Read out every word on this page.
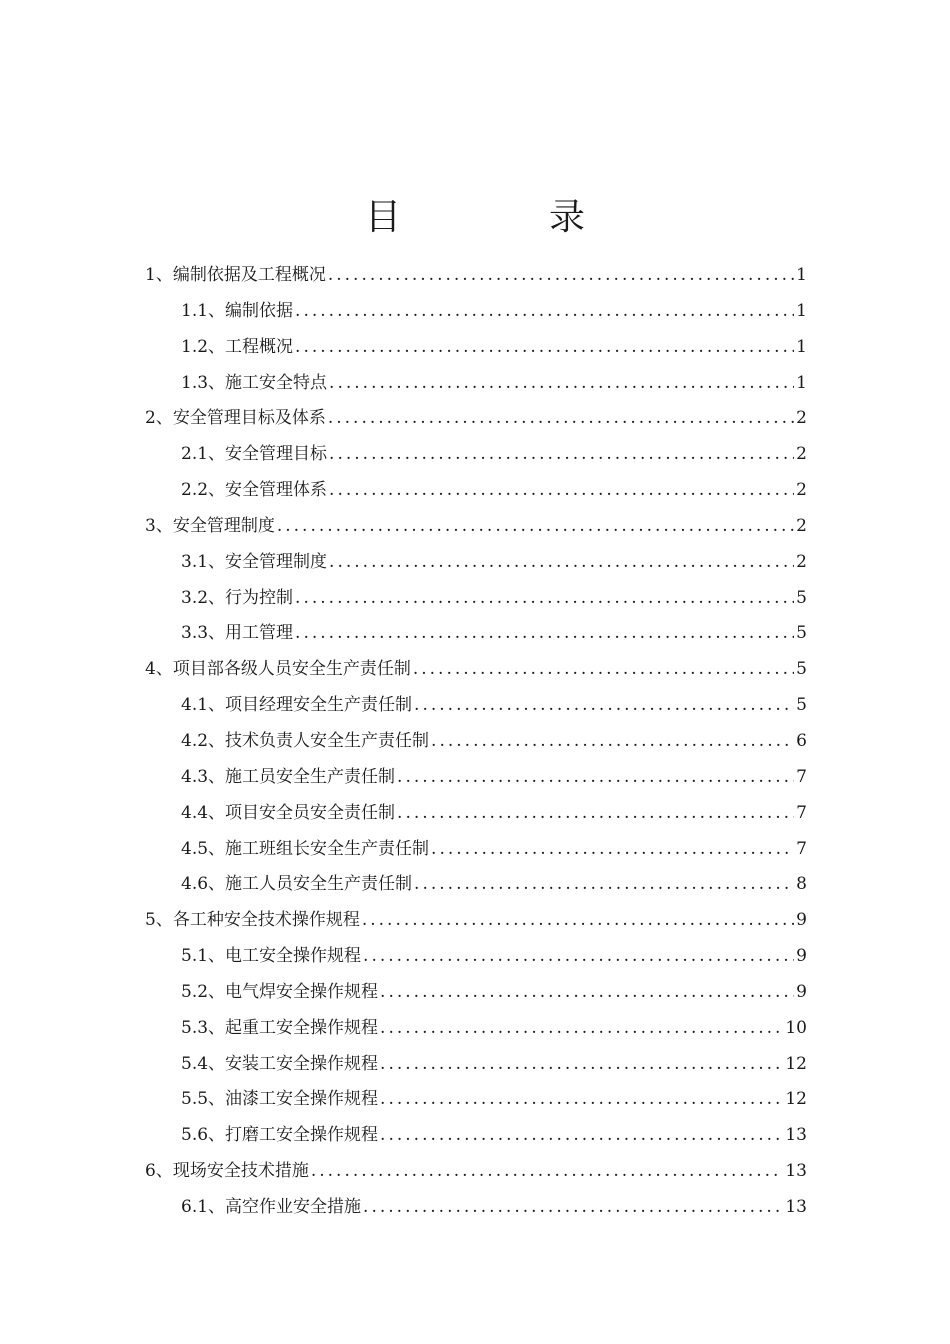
目　录
1、编制依据及工程概况 .....	1
1.1、编制依据 .....	1
1.2、工程概况 .....	1
1.3、施工安全特点 .....	1
2、安全管理目标及体系 .....	2
2.1、安全管理目标 .....	2
2.2、安全管理体系 .....	2
3、安全管理制度 .....	2
3.1、安全管理制度 .....	2
3.2、行为控制 .....	5
3.3、用工管理 .....	5
4、项目部各级人员安全生产责任制 .....	5
4.1、项目经理安全生产责任制 .....	5
4.2、技术负责人安全生产责任制 .....	6
4.3、施工员安全生产责任制 .....	7
4.4、项目安全员安全责任制 .....	7
4.5、施工班组长安全生产责任制 .....	7
4.6、施工人员安全生产责任制 .....	8
5、各工种安全技术操作规程 .....	9
5.1、电工安全操作规程 .....	9
5.2、电气焊安全操作规程 .....	9
5.3、起重工安全操作规程 .....	10
5.4、安装工安全操作规程 .....	12
5.5、油漆工安全操作规程 .....	12
5.6、打磨工安全操作规程 .....	13
6、现场安全技术措施 .....	13
6.1、高空作业安全措施 .....	13
